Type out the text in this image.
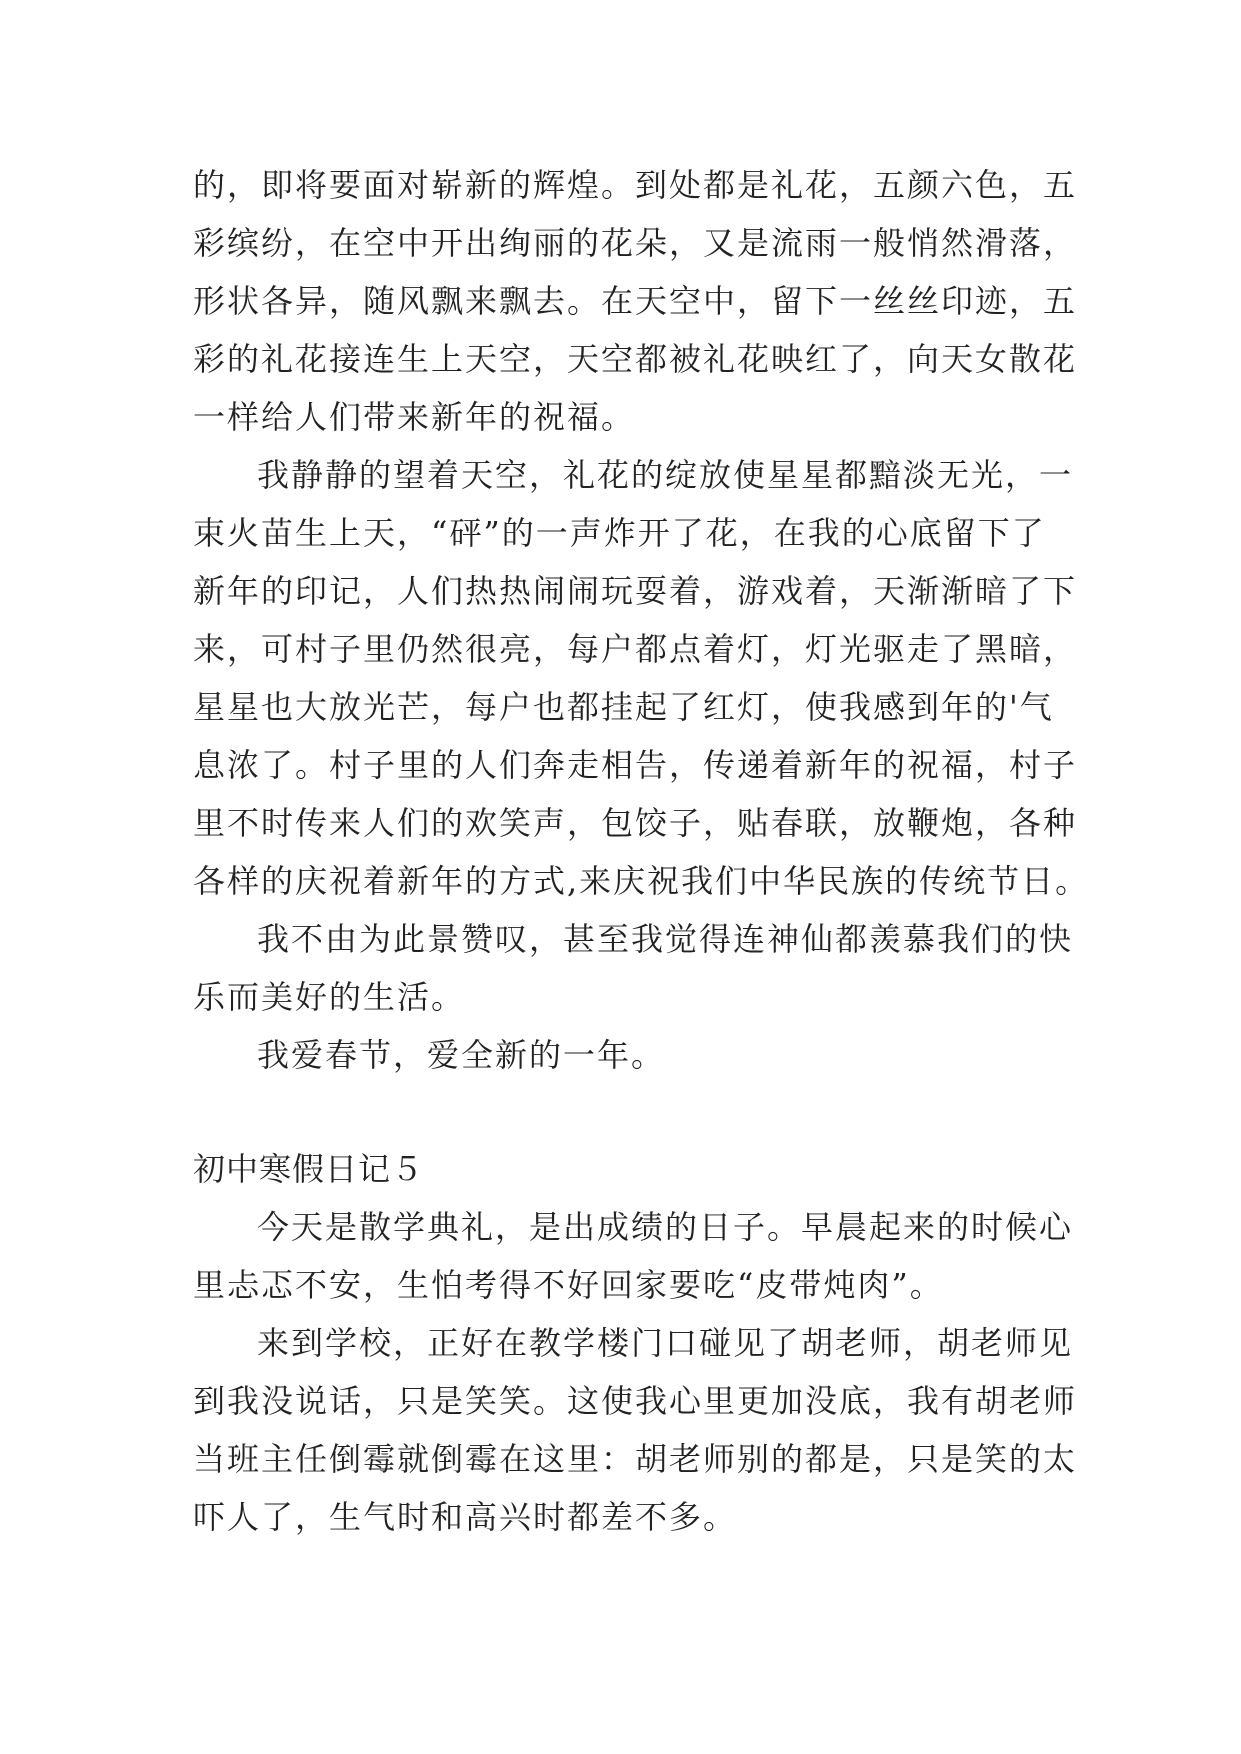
的，即将要面对崭新的辉煌。到处都是礼花，五颜六色，五
彩缤纷，在空中开出绚丽的花朵，又是流雨一般悄然滑落，
形状各异，随风飘来飘去。在天空中，留下一丝丝印迹，五
彩的礼花接连生上天空，天空都被礼花映红了，向天女散花
一样给人们带来新年的祝福。
我静静的望着天空，礼花的绽放使星星都黯淡无光，一
束火苗生上天，“砰”的一声炸开了花，在我的心底留下了
新年的印记，人们热热闹闹玩耍着，游戏着，天渐渐暗了下
来，可村子里仍然很亮，每户都点着灯，灯光驱走了黑暗，
星星也大放光芒，每户也都挂起了红灯，使我感到年的'气
息浓了。村子里的人们奔走相告，传递着新年的祝福，村子
里不时传来人们的欢笑声，包饺子，贴春联，放鞭炮，各种
各样的庆祝着新年的方式,来庆祝我们中华民族的传统节日。
我不由为此景赞叹，甚至我觉得连神仙都羡慕我们的快
乐而美好的生活。
我爱春节，爱全新的一年。
初中寒假日记５
今天是散学典礼，是出成绩的日子。早晨起来的时候心
里忐忑不安，生怕考得不好回家要吃“皮带炖肉”。
来到学校，正好在教学楼门口碰见了胡老师，胡老师见
到我没说话，只是笑笑。这使我心里更加没底，我有胡老师
当班主任倒霉就倒霉在这里：胡老师别的都是，只是笑的太
吓人了，生气时和高兴时都差不多。
